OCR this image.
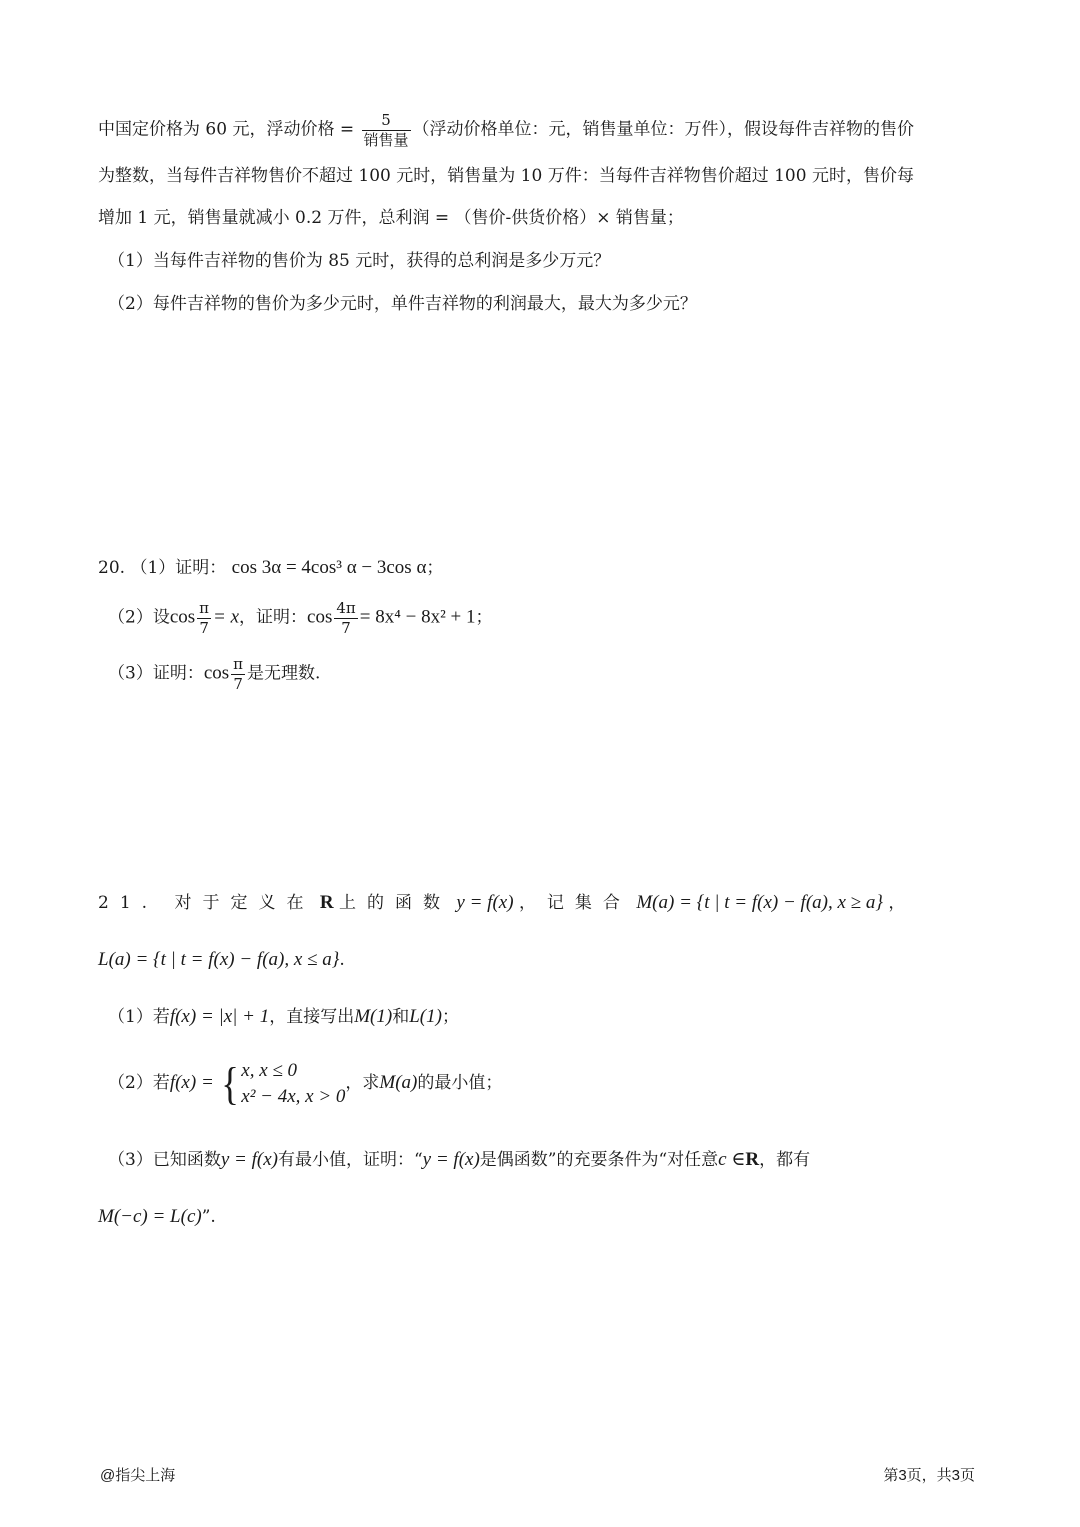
中国定价格为 60 元，浮动价格 = $\frac{5}{\text{销售量}}$ （浮动价格单位：元，销售量单位：万件），假设每件吉祥物的售价
为整数，当每件吉祥物售价不超过 100 元时，销售量为 10 万件：当每件吉祥物售价超过 100 元时，售价每
增加 1 元，销售量就减小 0.2 万件，总利润 = （售价-供货价格）× 销售量；
（1）当每件吉祥物的售价为 85 元时，获得的总利润是多少万元？
（2）每件吉祥物的售价为多少元时，单件吉祥物的利润最大，最大为多少元？
20. （1）证明： cos 3α = 4cos³ α − 3cos α；
（2）设$\cos \frac{\pi}{7} = x$，证明：$\cos \frac{4\pi}{7} = 8x^4 - 8x^2 + 1$；
（3）证明：$\cos \frac{\pi}{7}$ 是无理数.
21. 对于定义在 R 上的函数 y = f(x) ，记集合 M(a) = {t | t = f(x) − f(a), x ≥ a} ，
L(a) = {t | t = f(x) − f(a), x ≤ a}.
（1）若f(x) = |x| + 1，直接写出M(1)和L(1)；
（2）若f(x) = { x, x ≤ 0
x² − 4x, x > 0
，求M(a)的最小值；
（3）已知函数y = f(x)有最小值，证明：“y = f(x)是偶函数”的充要条件为“对任意c ∈R，都有
M(−c) = L(c)”.
@指尖上海	第3页，共3页
